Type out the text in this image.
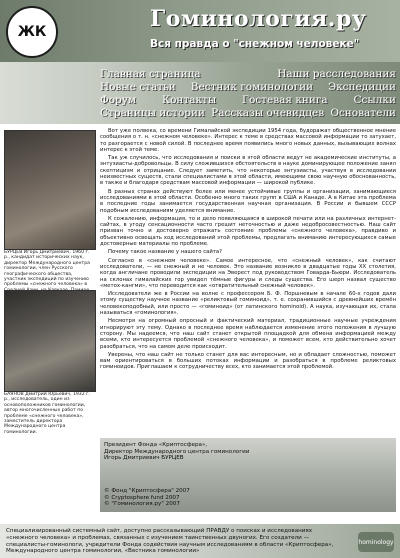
ЖК	Гоминология.ру
Вся правда о "снежном человеке"
Главная страница	Наши расследования
Новые статьи Вестник гоминологии Экспедиции
Форум Контакты Гостевая книга Ссылки
Страницы истории Рассказы очевидцев Основатели
БУРЦЕВ Игорь Дмитриевич, 1960 г. р., кандидат исторических наук, директор Международного центра гоминологии, член Русского географического общества, участник экспедиций по изучению проблемы «снежного человека» в
БАЯНОВ Дмитрий Юрьевич, 1932 г. р., исследователь, один из основоположников гоминологии, автор многочисленных работ по проблеме «снежного человека», заместитель директора Международного центра гоминологии.

Вот уже полвека, со времени Гималайской экспедиции 1954 года, будоражат общественное мнение сообщения о т. н. «снежном человеке». Интерес к теме в средствах массовой информации то затухает, то разгорается с новой силой. В последнее время появились много новых данных, вызывающих волнах интерес к этой теме.

Так уж случилось, что исследования и поиски в этой области ведут не академические институты, а энтузиасты-добровольцы. В силу сложившихся обстоятельств в науке доминирующее положение занял скептицизм и отрицание. Следует заметить, что некоторые энтузиасты, участвуя в исследовании неизвестных существ, стали специалистами в этой области, имеющими свою научную обоснованность, в также и благодаря средствам массовой информации — широкой публике.

В разных странах действуют более или менее устойчивые группы и организации, занимающиеся исследованиями в этой области. Особенно много таких групп в США и Канаде. А в Китае эта проблема в последние годы занимается государственная научная организация. В России и бывшем СССР подобным исследованиям уделяется внимание.

К сожалению, информация, то и дело появляющаяся в широкой печати или на различных интернет-сайтах, в угоду сенсационности часто грешит неточностью и даже недобросовестностью. Наш сайт призван точно и достоверно отражать состояние проблемы «снежного человека», правдиво и объективно освещать ход исследований этой проблемы, предлагать вниманию интересующихся самые достоверные материалы по проблеме.

Почему такое название у нашего сайта?

Согласно в «снежном человеке». Самое интересное, что «снежный человек», как считают исследователи, — не снежный и не человек. Это название возникло в двадцатые годы ХХ столетия, когда англичане проводили экспедиции на Эверест под руководством Говарда-Бьюри. Исследователь на склонах гималайских гор увидел тёмные фигуры и следы существа. Его шерп назвал существо «метох-кангми», что переводится как «отвратительный снежный человек».

Исследователи же в России на волне с профессором Б. Ф. Поршневым в начале 60-х годов дали этому существу научное название «реликтовый гоминоид», т. е. сохранившийся с древнейших времён человекоподобный, или просто — «гоминоид» (от латинского hominoid). А наука, изучающая их, стала называться «гоминология».

Несмотря на огромный опросный и фактический материал, традиционные научные учреждения игнорируют эту тему. Однако в последнее время наблюдается изменение этого положения в лучшую сторону. Мы надеемся, что наш сайт станет открытой площадкой для обмена информацией между всеми, кто интересуется проблемой «снежного человека», и поможет всем, кто действительно хочет разобраться, что на самом деле происходит.

Уверены, что наш сайт не только станет для вас интересным, но и обладает сложностью, поможет вам ориентироваться в больших потоках информации и разобраться в проблеме реликтовых гоминоидов. Приглашаем к сотрудничеству всех, кто занимается этой проблемой.

Президент Фонда «Криптосфера»,
Директор Международного центра гоминологии
Игорь Дмитриевич БУРЦЕВ
© Фонд "Криптосфера" 2007
© Cryptosphere fund 2007
© "Гоминология.ру" 2007
Специализированный системный сайт, доступно рассказывающий ПРАВДУ о поисках и исследованиях «снежного человека» и проблемах, связанных с изучением таинственных двуногих. Его создатели — специалисты-гоминологи, учредители Фонда содействия научным исследованиям в области «Криптосфера», Международного центра гоминологии, «Вестника гоминологии»
hominology
